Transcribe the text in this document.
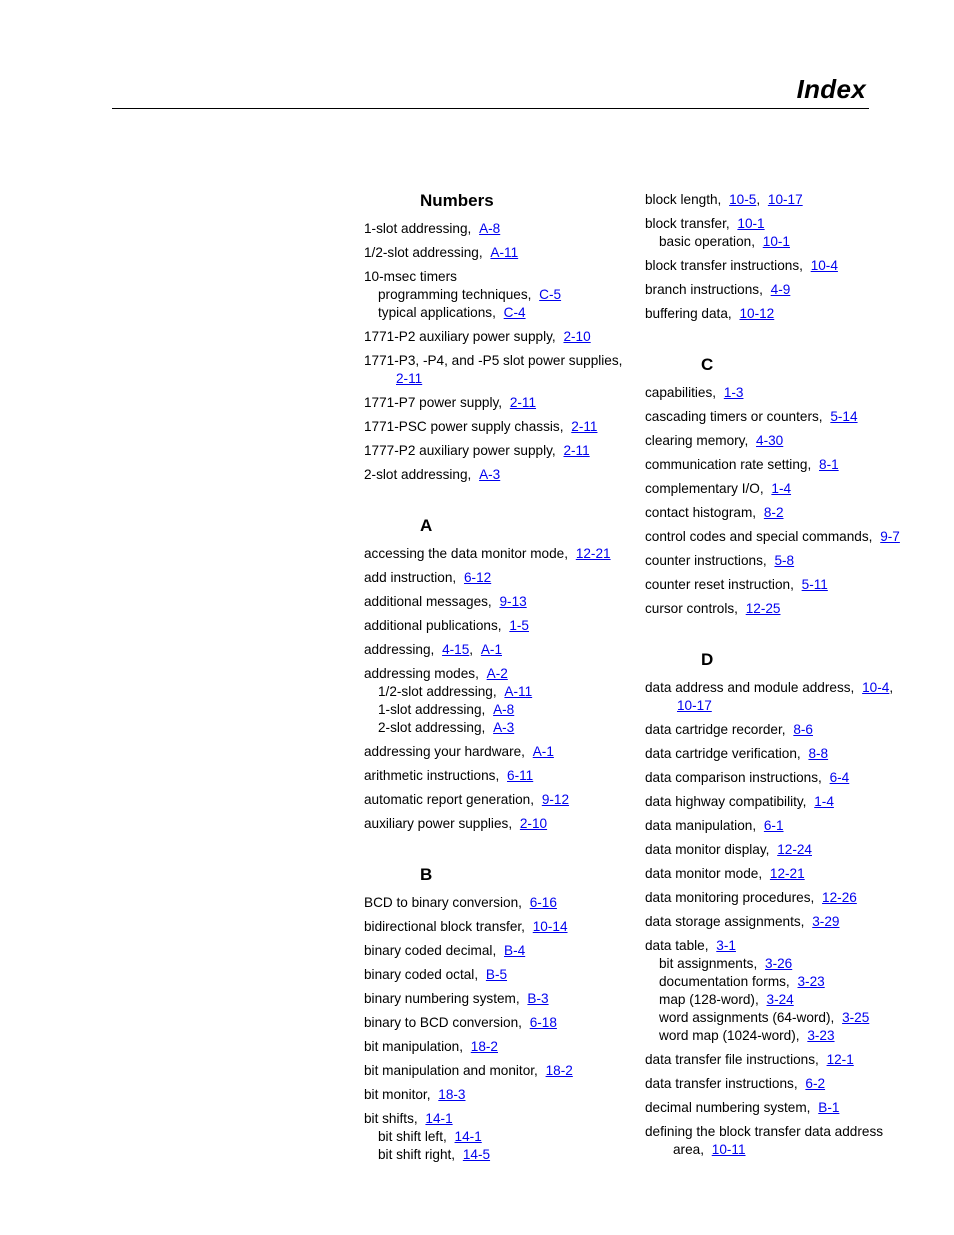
Index
Numbers
1-slot addressing, A-8
1/2-slot addressing, A-11
10-msec timers
programming techniques, C-5
typical applications, C-4
1771-P2 auxiliary power supply, 2-10
1771-P3, -P4, and -P5 slot power supplies,
2-11
1771-P7 power supply, 2-11
1771-PSC power supply chassis, 2-11
1777-P2 auxiliary power supply, 2-11
2-slot addressing, A-3
A
accessing the data monitor mode, 12-21
add instruction, 6-12
additional messages, 9-13
additional publications, 1-5
addressing, 4-15, A-1
addressing modes, A-2
1/2-slot addressing, A-11
1-slot addressing, A-8
2-slot addressing, A-3
addressing your hardware, A-1
arithmetic instructions, 6-11
automatic report generation, 9-12
auxiliary power supplies, 2-10
B
BCD to binary conversion, 6-16
bidirectional block transfer, 10-14
binary coded decimal, B-4
binary coded octal, B-5
binary numbering system, B-3
binary to BCD conversion, 6-18
bit manipulation, 18-2
bit manipulation and monitor, 18-2
bit monitor, 18-3
bit shifts, 14-1
bit shift left, 14-1
bit shift right, 14-5
block length, 10-5, 10-17
block transfer, 10-1
basic operation, 10-1
block transfer instructions, 10-4
branch instructions, 4-9
buffering data, 10-12
C
capabilities, 1-3
cascading timers or counters, 5-14
clearing memory, 4-30
communication rate setting, 8-1
complementary I/O, 1-4
contact histogram, 8-2
control codes and special commands, 9-7
counter instructions, 5-8
counter reset instruction, 5-11
cursor controls, 12-25
D
data address and module address, 10-4,
10-17
data cartridge recorder, 8-6
data cartridge verification, 8-8
data comparison instructions, 6-4
data highway compatibility, 1-4
data manipulation, 6-1
data monitor display, 12-24
data monitor mode, 12-21
data monitoring procedures, 12-26
data storage assignments, 3-29
data table, 3-1
bit assignments, 3-26
documentation forms, 3-23
map (128-word), 3-24
word assignments (64-word), 3-25
word map (1024-word), 3-23
data transfer file instructions, 12-1
data transfer instructions, 6-2
decimal numbering system, B-1
defining the block transfer data address
area, 10-11
